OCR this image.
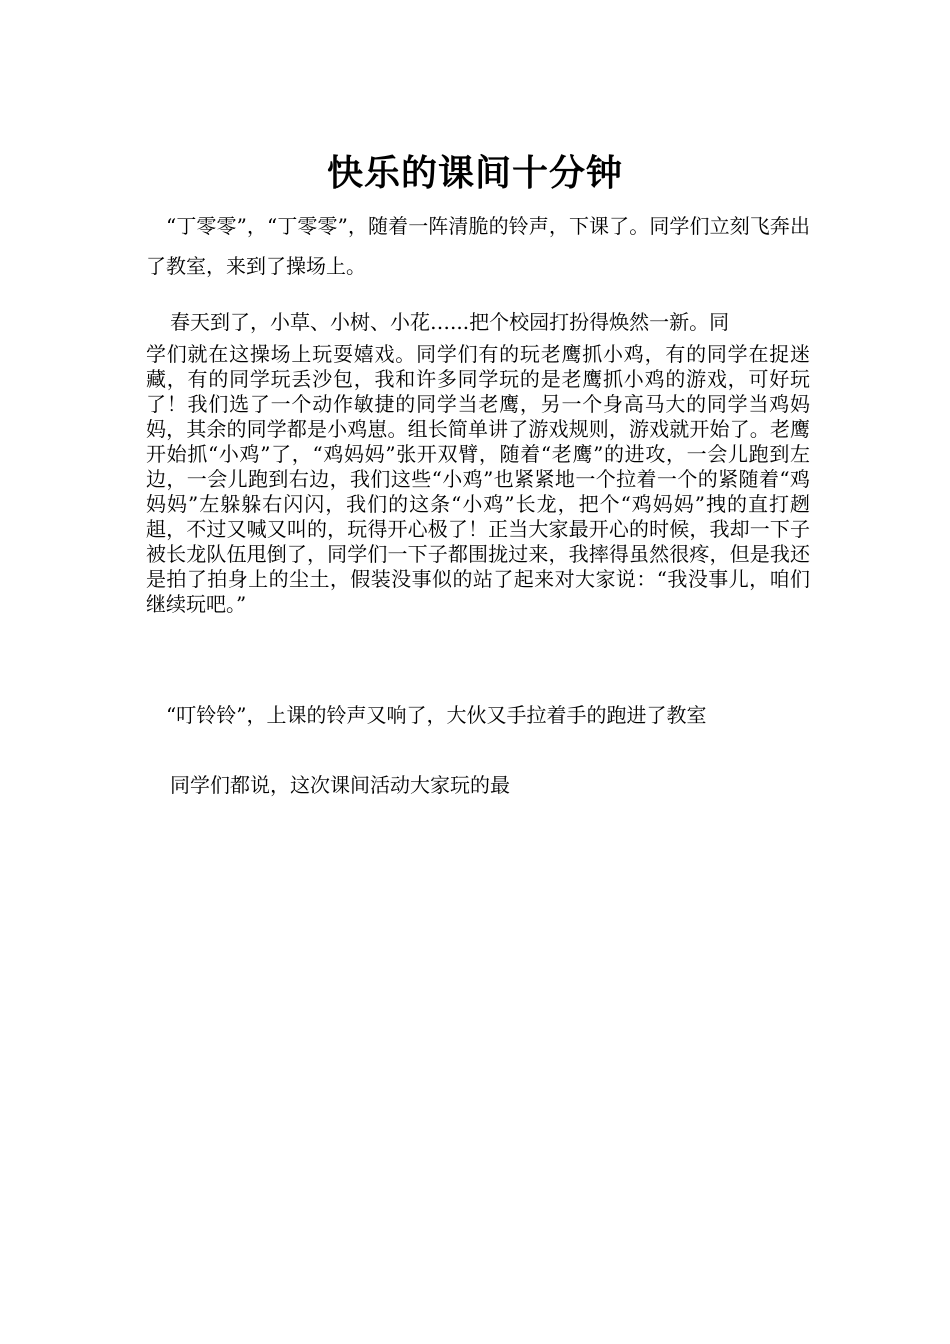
快乐的课间十分钟

“丁零零”，“丁零零”，随着一阵清脆的铃声，下课了。同学们立刻飞奔出了教室，来到了操场上。

春天到了，小草、小树、小花…...把个校园打扮得焕然一新。同
学们就在这操场上玩耍嬉戏。同学们有的玩老鹰抓小鸡，有的同学在捉迷藏，有的同学玩丢沙包，我和许多同学玩的是老鹰抓小鸡的游戏，可好玩了！我们选了一个动作敏捷的同学当老鹰，另一个身高马大的同学当鸡妈妈，其余的同学都是小鸡崽。组长简单讲了游戏规则，游戏就开始了。老鹰开始抓“小鸡”了，“鸡妈妈”张开双臂，随着“老鹰”的进攻，一会儿跑到左边，一会儿跑到右边，我们这些“小鸡”也紧紧地一个拉着一个的紧随着“鸡妈妈”左躲躲右闪闪，我们的这条“小鸡”长龙，把个“鸡妈妈”拽的直打趔趄，不过又喊又叫的，玩得开心极了！正当大家最开心的时候，我却一下子被长龙队伍甩倒了，同学们一下子都围拢过来，我摔得虽然很疼，但是我还是拍了拍身上的尘土，假装没事似的站了起来对大家说：“我没事儿，咱们继续玩吧。”

“叮铃铃”，上课的铃声又响了，大伙又手拉着手的跑进了教室

同学们都说，这次课间活动大家玩的最
